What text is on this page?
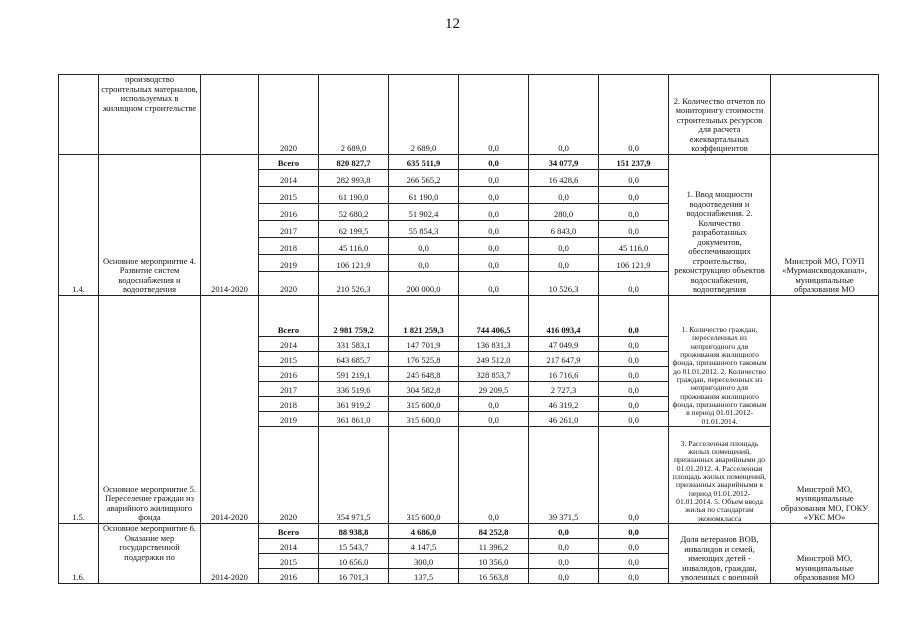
12
	производство строительных материалов, используемых в жилищном строительстве		2020	2 689,0	2 689,0	0,0	0,0	0,0	2. Количество отчетов по мониторингу стоимости строительных ресурсов для расчета ежеквартальных коэффициентов	
1.4.	Основное мероприятие 4. Развитие систем водоснабжения и водоотведения	2014-2020	Всего	820 827,7	635 511,9	0,0	34 077,9	151 237,9	1. Ввод мощности водоотведения и водоснабжения. 2. Количество разработанных документов, обеспечивающих строительство, реконструкцию объектов водоснабжения, водоотведения	Минстрой МО, ГОУП «Мурманскводоканал», муниципальные образования МО
			2014	282 993,8	266 565,2	0,0	16 428,6	0,0		
			2015	61 190,0	61 190,0	0,0	0,0	0,0		
			2016	52 680,2	51 902,4	0,0	280,0	0,0		
			2017	62 199,5	55 854,3	0,0	6 843,0	0,0		
			2018	45 116,0	0,0	0,0	0,0	45 116,0		
			2019	106 121,9	0,0	0,0	0,0	106 121,9		
			2020	210 526,3	200 000,0	0,0	10 526,3	0,0		
1.5.	Основное мероприятие 5. Переселение граждан из аварийного жилищного фонда	2014-2020	Всего	2 981 759,2	1 821 259,3	744 406,5	416 093,4	0,0	1. Количество граждан, переселенных из непригодного для проживания жилищного фонда, признанного таковым до 01.01.2012. 2. Количество граждан, переселенных из непригодного для проживания жилищного фонда, признанного таковым в период 01.01.2012-01.01.2014.	Минстрой МО, муниципальные образования МО, ГОКУ «УКС МО»
			2014	331 583,1	147 701,9	136 831,3	47 049,9	0,0		
			2015	643 685,7	176 525,8	249 512,0	217 647,9	0,0		
			2016	591 219,1	245 648,8	328 853,7	16 716,6	0,0		
			2017	336 519,6	304 582,8	29 209,5	2 727,3	0,0		
			2018	361 919,2	315 600,0	0,0	46 319,2	0,0		
			2019	361 861,0	315 600,0	0,0	46 261,0	0,0		
			2020	354 971,5	315 600,0	0,0	39 371,5	0,0	3. Расселенная площадь жилых помещений, признанных аварийными до 01.01.2012. 4. Расселенная площадь жилых помещений, признанных аварийными в период 01.01.2012-01.01.2014. 5. Объем ввода жилья по стандартам экономкласса	
1.6.	Основное мероприятие 6. Оказание мер государственной поддержки по	2014-2020	Всего	88 938,8	4 686,0	84 252,8	0,0	0,0	Доля ветеранов ВОВ, инвалидов и семей, имеющих детей - инвалидов, граждан, уволенных с военной	Минстрой МО, муниципальные образования МО
			2014	15 543,7	4 147,5	11 396,2	0,0	0,0		
			2015	10 656,0	300,0	10 356,0	0,0	0,0		
			2016	16 701,3	137,5	16 563,8	0,0	0,0		
